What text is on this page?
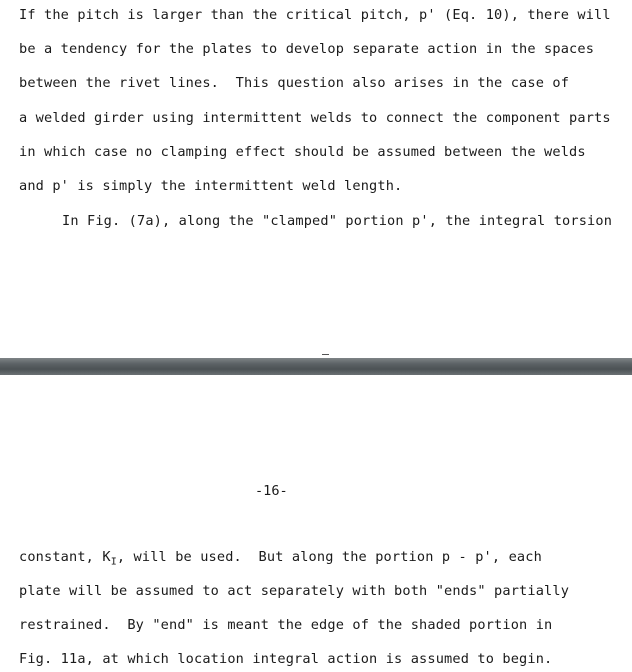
If the pitch is larger than the critical pitch, p' (Eq. 10), there will
be a tendency for the plates to develop separate action in the spaces
between the rivet lines.  This question also arises in the case of
a welded girder using intermittent welds to connect the component parts
in which case no clamping effect should be assumed between the welds
and p' is simply the intermittent weld length.
In Fig. (7a), along the "clamped" portion p', the integral torsion
-16-
constant, $K_I$, will be used.  But along the portion p - p', each
plate will be assumed to act separately with both "ends" partially
restrained.  By "end" is meant the edge of the shaded portion in
Fig. 11a, at which location integral action is assumed to begin.
